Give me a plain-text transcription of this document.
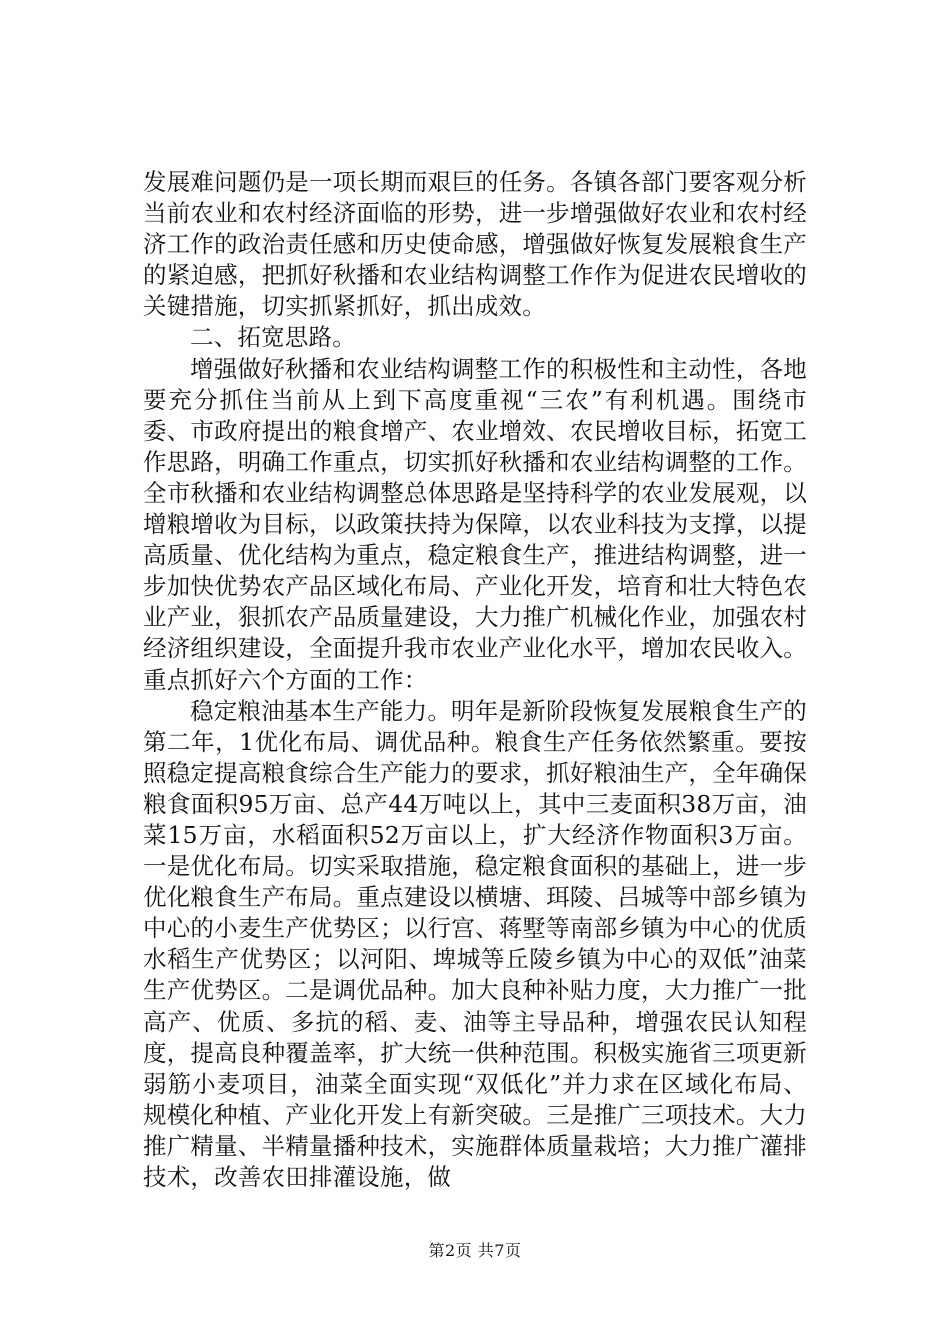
发展难问题仍是一项长期而艰巨的任务。各镇各部门要客观分析当前农业和农村经济面临的形势，进一步增强做好农业和农村经济工作的政治责任感和历史使命感，增强做好恢复发展粮食生产的紧迫感，把抓好秋播和农业结构调整工作作为促进农民增收的关键措施，切实抓紧抓好，抓出成效。

二、拓宽思路。

增强做好秋播和农业结构调整工作的积极性和主动性，各地要充分抓住当前从上到下高度重视“三农”有利机遇。围绕市委、市政府提出的粮食增产、农业增效、农民增收目标，拓宽工作思路，明确工作重点，切实抓好秋播和农业结构调整的工作。全市秋播和农业结构调整总体思路是坚持科学的农业发展观，以增粮增收为目标，以政策扶持为保障，以农业科技为支撑，以提高质量、优化结构为重点，稳定粮食生产，推进结构调整，进一步加快优势农产品区域化布局、产业化开发，培育和壮大特色农业产业，狠抓农产品质量建设，大力推广机械化作业，加强农村经济组织建设，全面提升我市农业产业化水平，增加农民收入。重点抓好六个方面的工作：

稳定粮油基本生产能力。明年是新阶段恢复发展粮食生产的第二年，1优化布局、调优品种。粮食生产任务依然繁重。要按照稳定提高粮食综合生产能力的要求，抓好粮油生产，全年确保粮食面积95万亩、总产44万吨以上，其中三麦面积38万亩，油菜15万亩，水稻面积52万亩以上，扩大经济作物面积3万亩。一是优化布局。切实采取措施，稳定粮食面积的基础上，进一步优化粮食生产布局。重点建设以横塘、珥陵、吕城等中部乡镇为中心的小麦生产优势区；以行宫、蒋墅等南部乡镇为中心的优质水稻生产优势区；以河阳、埤城等丘陵乡镇为中心的双低”油菜生产优势区。二是调优品种。加大良种补贴力度，大力推广一批高产、优质、多抗的稻、麦、油等主导品种，增强农民认知程度，提高良种覆盖率，扩大统一供种范围。积极实施省三项更新弱筋小麦项目，油菜全面实现“双低化”并力求在区域化布局、规模化种植、产业化开发上有新突破。三是推广三项技术。大力推广精量、半精量播种技术，实施群体质量栽培；大力推广灌排技术，改善农田排灌设施，做

第2页 共7页
